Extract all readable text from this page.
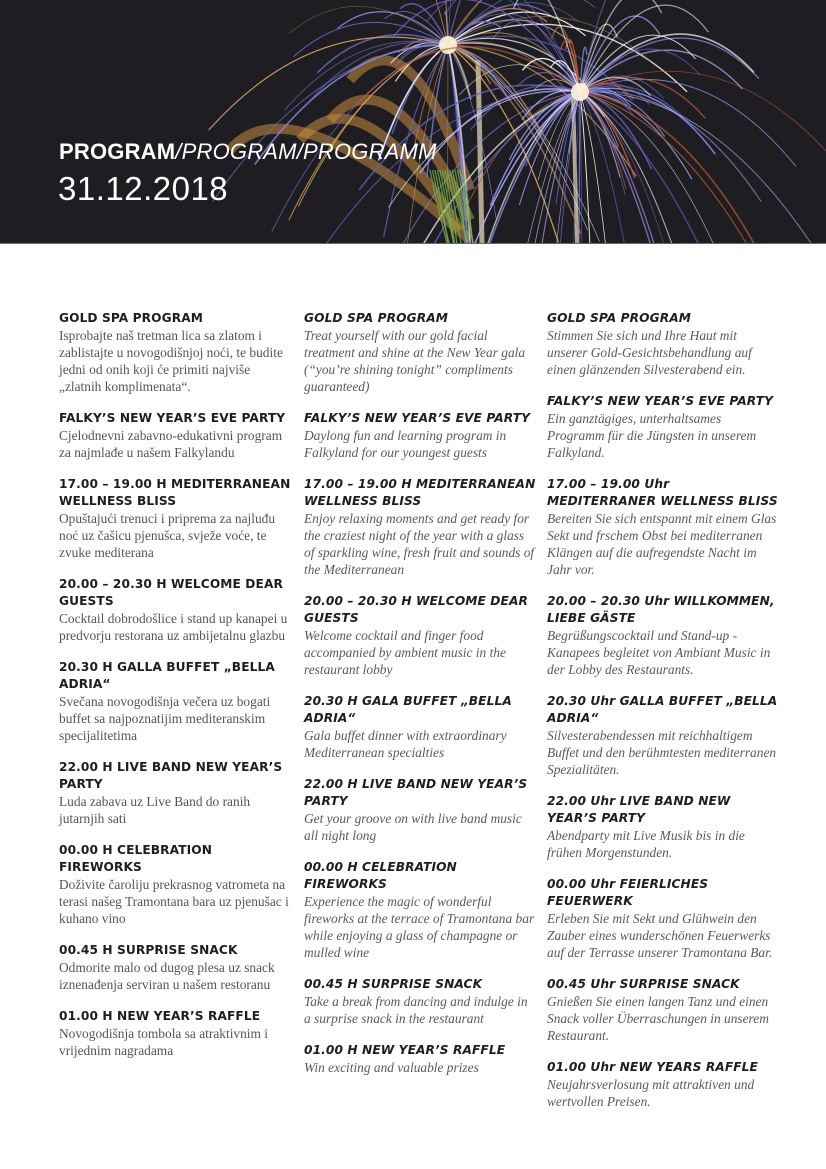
PROGRAM/PROGRAM/PROGRAMM
31.12.2018
GOLD SPA PROGRAM
Isprobajte naš tretman lica sa zlatom i zablistajte u novogodišnjoj noći, te budite jedni od onih koji će primiti najviše „zlatnih komplimenata“.
FALKY’S NEW YEAR’S EVE PARTY
Cjelodnevni zabavno-edukativni program za najmlađe u našem Falkylandu
17.00 – 19.00 H MEDITERRANEAN WELLNESS BLISS
Opuštajući trenuci i priprema za najluđu noć uz čašicu pjenušca, svježe voće, te zvuke mediterana
20.00 – 20.30 H WELCOME DEAR GUESTS
Cocktail dobrodošlice i stand up kanapei u predvorju restorana uz ambijetalnu glazbu
20.30 H GALLA BUFFET „BELLA ADRIA“
Svečana novogodišnja večera uz bogati buffet sa najpoznatijim mediteranskim specijalitetima
22.00 H LIVE BAND NEW YEAR’S PARTY
Luda zabava uz Live Band do ranih jutarnjih sati
00.00 H CELEBRATION FIREWORKS
Doživite čaroliju prekrasnog vatrometa na terasi našeg Tramontana bara uz pjenušac i kuhano vino
00.45 H SURPRISE SNACK
Odmorite malo od dugog plesa uz snack iznenađenja serviran u našem restoranu
01.00 H NEW YEAR’S RAFFLE
Novogodišnja tombola sa atraktivnim i vrijednim nagradama
GOLD SPA PROGRAM
Treat yourself with our gold facial treatment and shine at the New Year gala (“you’re shining tonight” compliments guaranteed)
FALKY’S NEW YEAR’S EVE PARTY
Daylong fun and learning program in Falkyland for our youngest guests
17.00 – 19.00 H MEDITERRANEAN WELLNESS BLISS
Enjoy relaxing moments and get ready for the craziest night of the year with a glass of sparkling wine, fresh fruit and sounds of the Mediterranean
20.00 – 20.30 H WELCOME DEAR GUESTS
Welcome cocktail and finger food accompanied by ambient music in the restaurant lobby
20.30 H GALA BUFFET „BELLA ADRIA“
Gala buffet dinner with extraordinary Mediterranean specialties
22.00 H LIVE BAND NEW YEAR’S PARTY
Get your groove on with live band music all night long
00.00 H CELEBRATION FIREWORKS
Experience the magic of wonderful fireworks at the terrace of Tramontana bar while enjoying a glass of champagne or mulled wine
00.45 H SURPRISE SNACK
Take a break from dancing and indulge in a surprise snack in the restaurant
01.00 H NEW YEAR’S RAFFLE
Win exciting and valuable prizes
GOLD SPA PROGRAM
Stimmen Sie sich und Ihre Haut mit unserer Gold-Gesichtsbehandlung auf einen glänzenden Silvesterabend ein.
FALKY’S NEW YEAR’S EVE PARTY
Ein ganztägiges, unterhaltsames Programm für die Jüngsten in unserem Falkyland.
17.00 – 19.00 Uhr MEDITERRANER WELLNESS BLISS
Bereiten Sie sich entspannt mit einem Glas Sekt und frschem Obst bei mediterranen Klängen auf die aufregendste Nacht im Jahr vor.
20.00 – 20.30 Uhr WILLKOMMEN, LIEBE GÄSTE
Begrüßungscocktail und Stand-up -Kanapees begleitet von Ambiant Music in der Lobby des Restaurants.
20.30 Uhr GALLA BUFFET „BELLA ADRIA“
Silvesterabendessen mit reichhaltigem Buffet und den berühmtesten mediterranen Spezialitäten.
22.00 Uhr LIVE BAND NEW YEAR’S PARTY
Abendparty mit Live Musik bis in die frühen Morgenstunden.
00.00 Uhr FEIERLICHES FEUERWERK
Erleben Sie mit Sekt und Glühwein den Zauber eines wunderschönen Feuerwerks auf der Terrasse unserer Tramontana Bar.
00.45 Uhr SURPRISE SNACK
Gnießen Sie einen langen Tanz und einen Snack voller Überraschungen in unserem Restaurant.
01.00 Uhr NEW YEARS RAFFLE
Neujahrsverlosung mit attraktiven und wertvollen Preisen.
